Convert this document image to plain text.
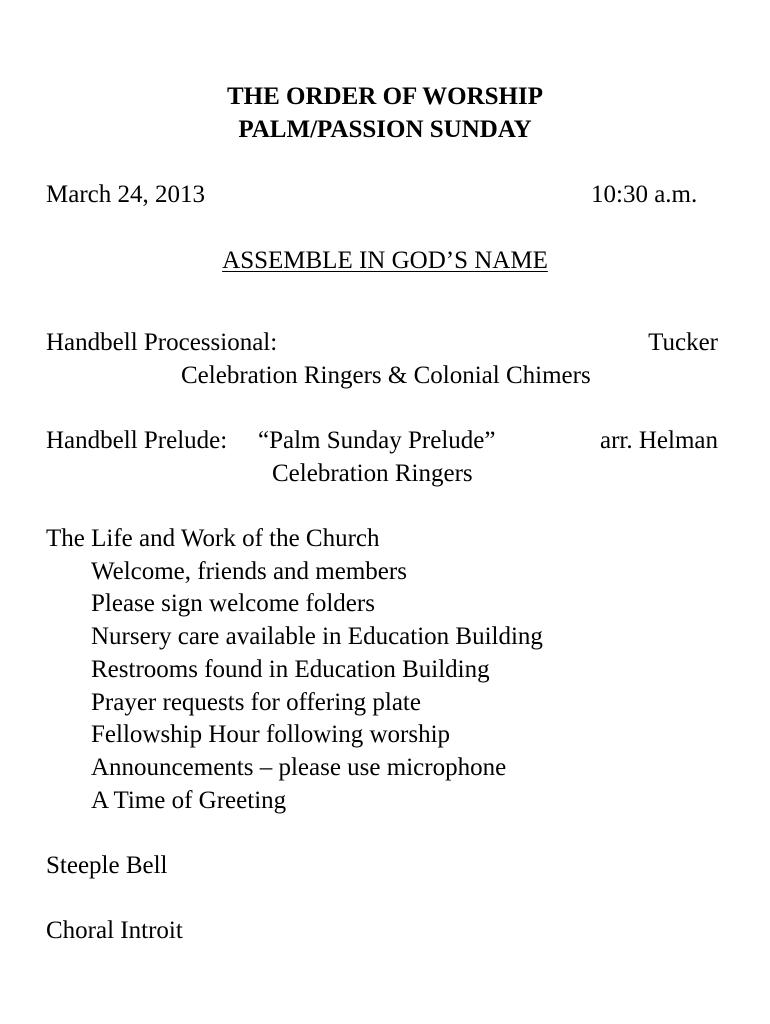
THE ORDER OF WORSHIP
PALM/PASSION SUNDAY
March 24, 2013	10:30 a.m.
ASSEMBLE IN GOD’S NAME
Handbell Processional:	Tucker
Celebration Ringers & Colonial Chimers
Handbell Prelude: “Palm Sunday Prelude”	arr. Helman
Celebration Ringers
The Life and Work of the Church
Welcome, friends and members
Please sign welcome folders
Nursery care available in Education Building
Restrooms found in Education Building
Prayer requests for offering plate
Fellowship Hour following worship
Announcements – please use microphone
A Time of Greeting
Steeple Bell
Choral Introit
